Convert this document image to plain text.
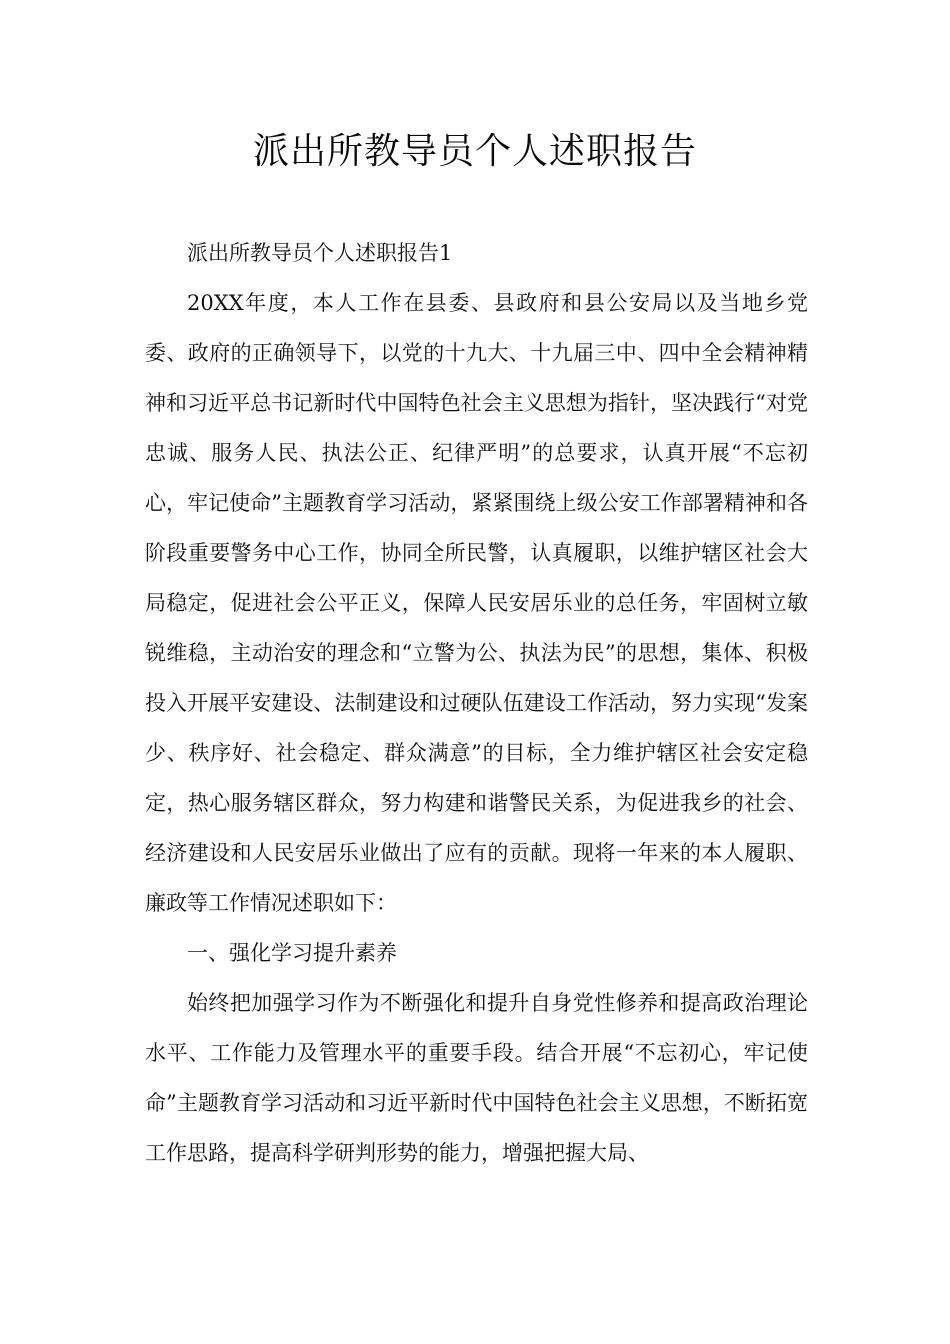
派出所教导员个人述职报告

派出所教导员个人述职报告1

20XX年度，本人工作在县委、县政府和县公安局以及当地乡党委、政府的正确领导下，以党的十九大、十九届三中、四中全会精神精神和习近平总书记新时代中国特色社会主义思想为指针，坚决践行“对党忠诚、服务人民、执法公正、纪律严明”的总要求，认真开展“不忘初心，牢记使命”主题教育学习活动，紧紧围绕上级公安工作部署精神和各阶段重要警务中心工作，协同全所民警，认真履职，以维护辖区社会大局稳定，促进社会公平正义，保障人民安居乐业的总任务，牢固树立敏锐维稳，主动治安的理念和“立警为公、执法为民”的思想，集体、积极投入开展平安建设、法制建设和过硬队伍建设工作活动，努力实现“发案少、秩序好、社会稳定、群众满意”的目标，全力维护辖区社会安定稳定，热心服务辖区群众，努力构建和谐警民关系，为促进我乡的社会、经济建设和人民安居乐业做出了应有的贡献。现将一年来的本人履职、廉政等工作情况述职如下：

一、强化学习提升素养

始终把加强学习作为不断强化和提升自身党性修养和提高政治理论水平、工作能力及管理水平的重要手段。结合开展“不忘初心，牢记使命”主题教育学习活动和习近平新时代中国特色社会主义思想，不断拓宽工作思路，提高科学研判形势的能力，增强把握大局、
